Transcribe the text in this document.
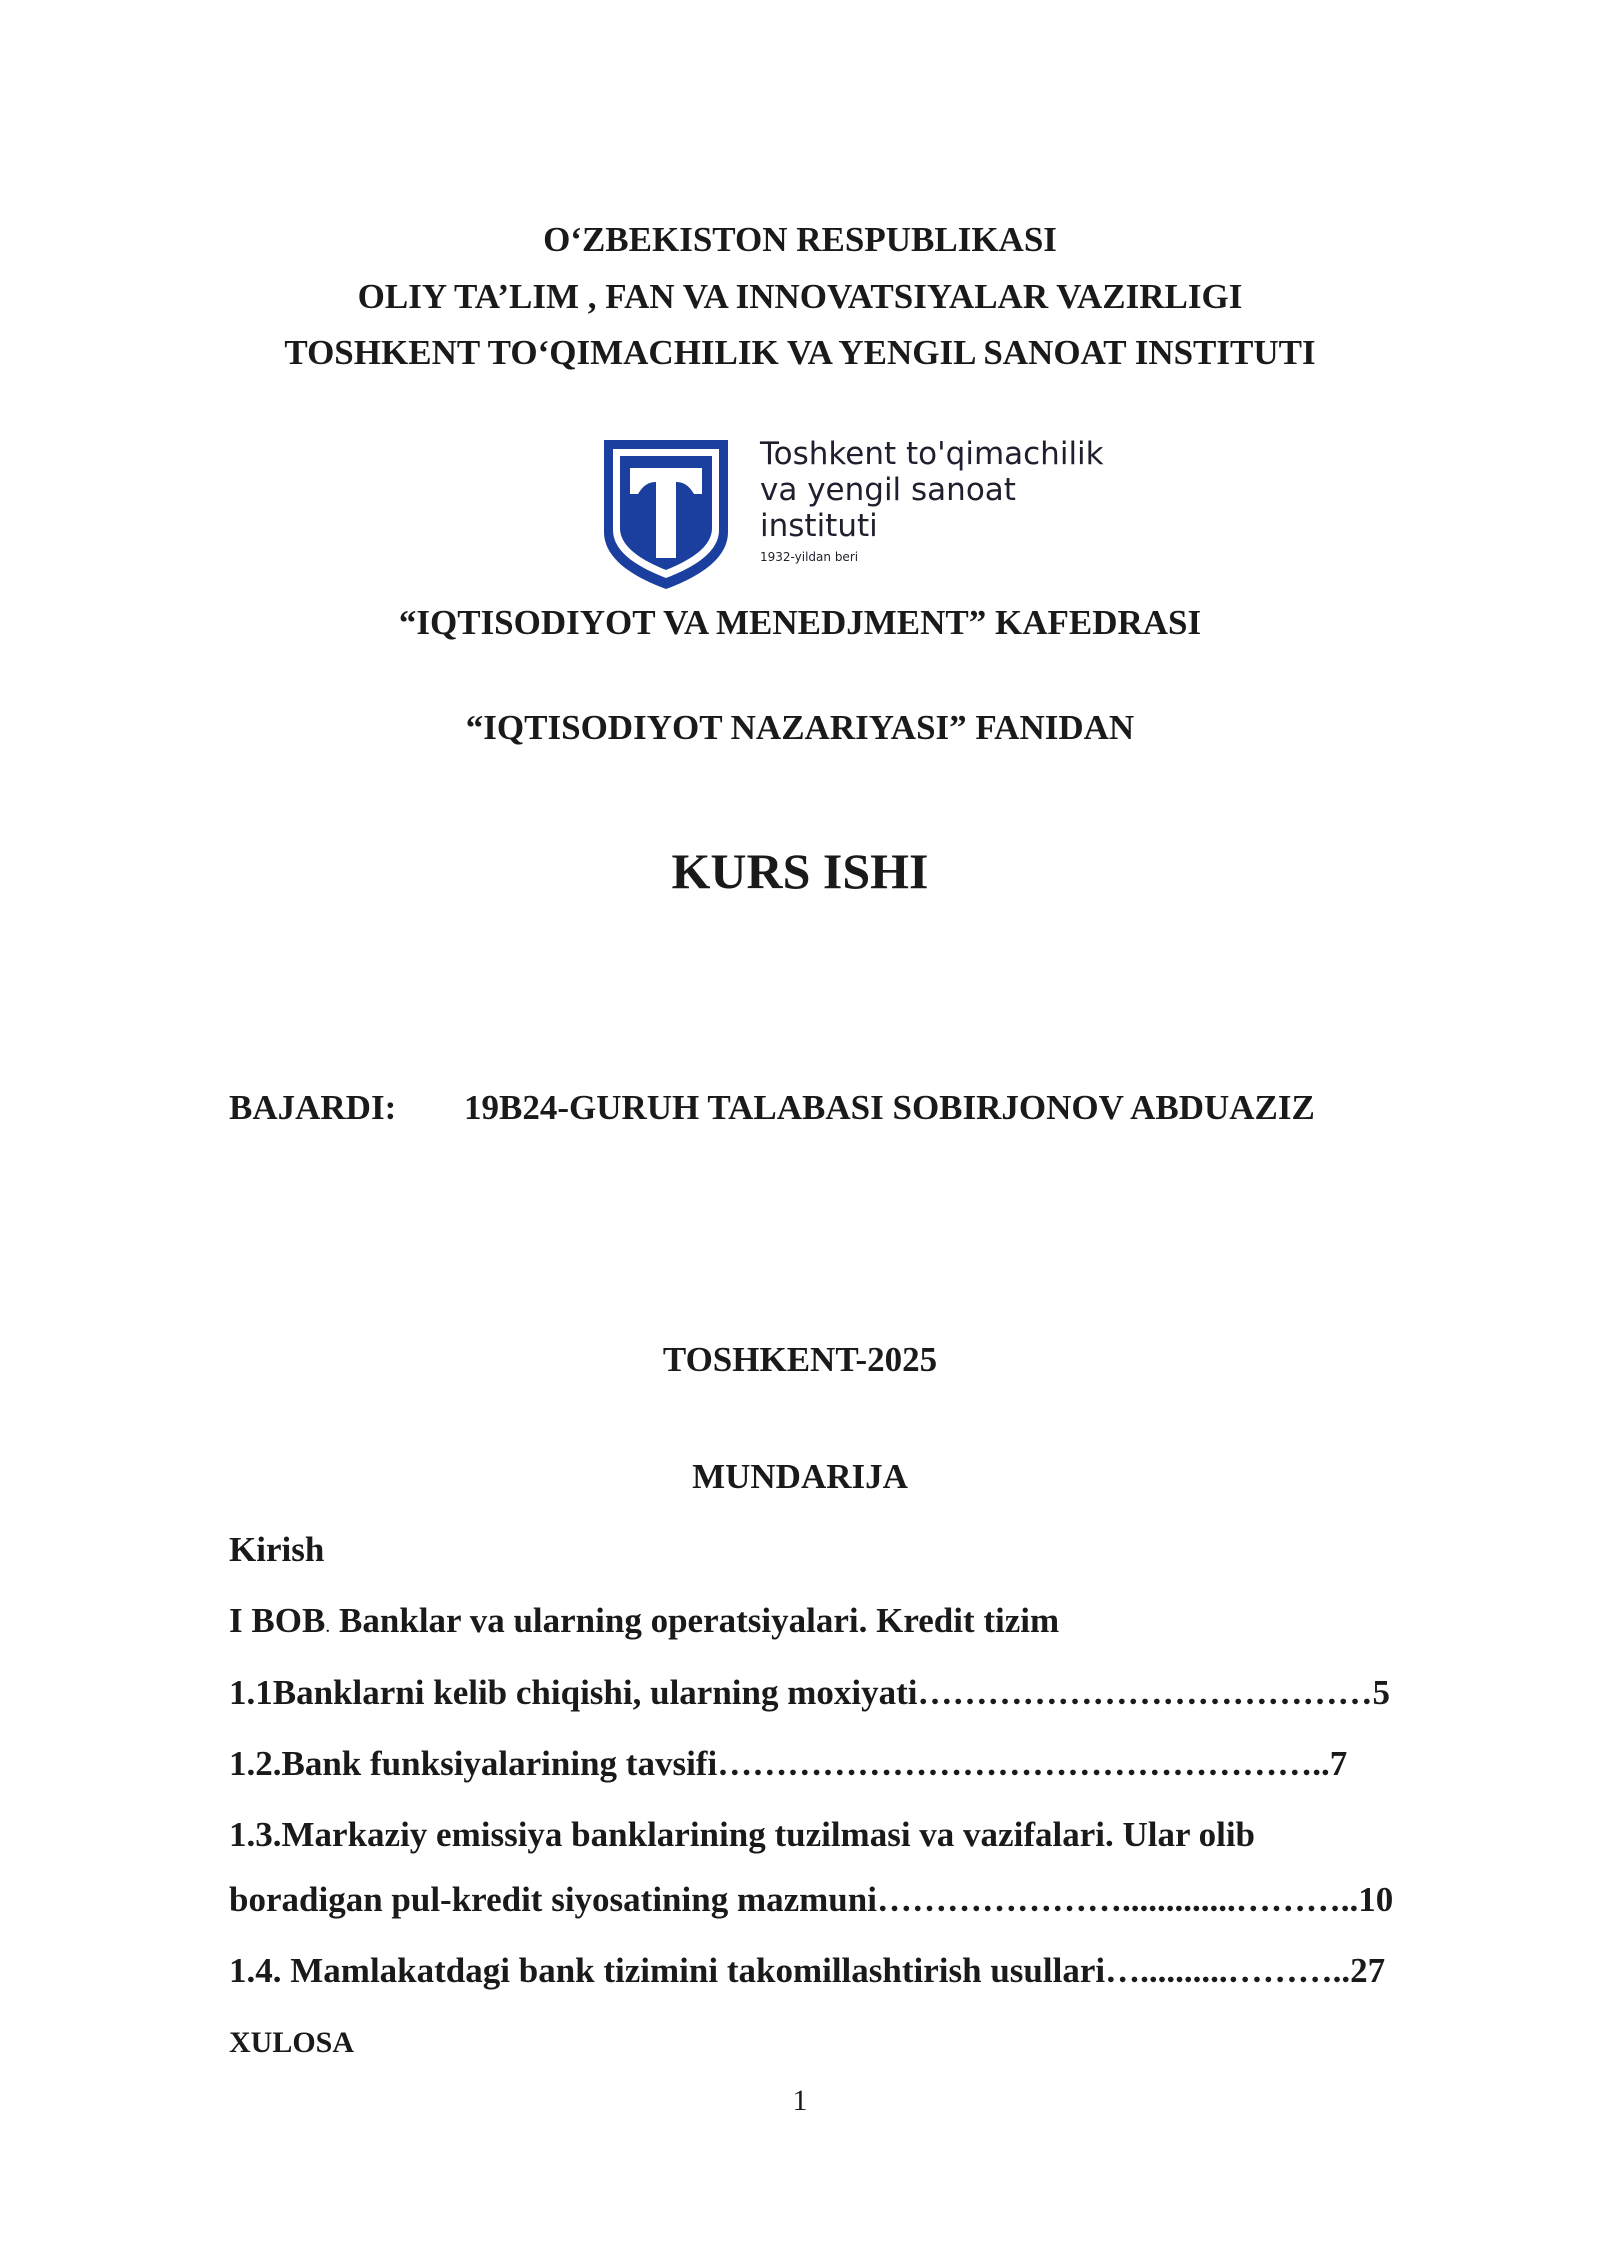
O‘ZBEKISTON RESPUBLIKASI
OLIY TA’LIM , FAN VA INNOVATSIYALAR VAZIRLIGI
TOSHKENT TO‘QIMACHILIK VA YENGIL SANOAT INSTITUTI
Toshkent to'qimachilik
va yengil sanoat
instituti
1932-yildan beri
“IQTISODIYOT VA MENEDJMENT” KAFEDRASI
“IQTISODIYOT NAZARIYASI” FANIDAN
KURS ISHI
BAJARDI: 19B24-GURUH TALABASI SOBIRJONOV ABDUAZIZ
TOSHKENT-2025
MUNDARIJA
Kirish
I BOB. Banklar va ularning operatsiyalari. Kredit tizim
1.1Banklarni kelib chiqishi, ularning moxiyati…………………………………5
1.2.Bank funksiyalarining tavsifi……………………………………………..7
1.3.Markaziy emissiya banklarining tuzilmasi va vazifalari. Ular olib
boradigan pul-kredit siyosatining mazmuni………………….............………..10
1.4. Mamlakatdagi bank tizimini takomillashtirish usullari…..........………..27
XULOSA
1
